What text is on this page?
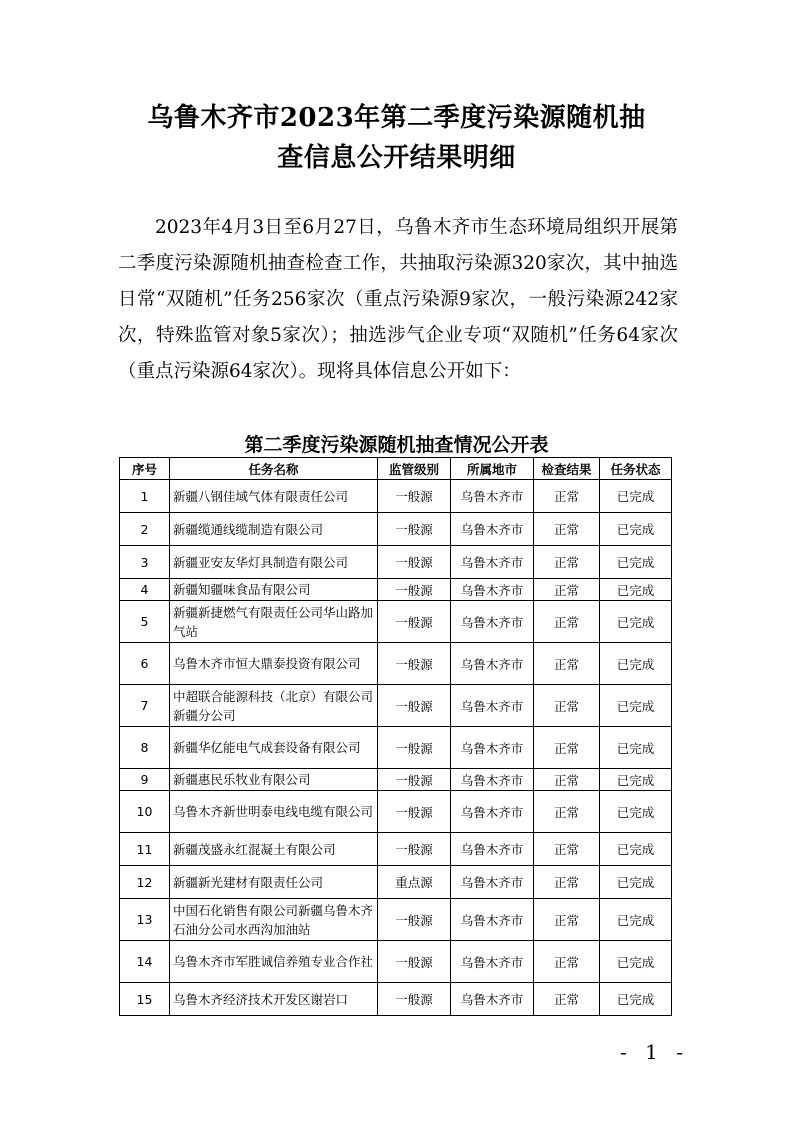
乌鲁木齐市2023年第二季度污染源随机抽
查信息公开结果明细

2023年4月3日至6月27日，乌鲁木齐市生态环境局组织开展第二季度污染源随机抽查检查工作，共抽取污染源320家次，其中抽选日常“双随机”任务256家次（重点污染源9家次，一般污染源242家次，特殊监管对象5家次）；抽选涉气企业专项“双随机”任务64家次（重点污染源64家次）。现将具体信息公开如下：

第二季度污染源随机抽查情况公开表
序号	任务名称	监管级别	所属地市	检查结果	任务状态
1	新疆八钢佳域气体有限责任公司	一般源	乌鲁木齐市	正常	已完成
2	新疆缆通线缆制造有限公司	一般源	乌鲁木齐市	正常	已完成
3	新疆亚安友华灯具制造有限公司	一般源	乌鲁木齐市	正常	已完成
4	新疆知疆味食品有限公司	一般源	乌鲁木齐市	正常	已完成
5	新疆新捷燃气有限责任公司华山路加气站	一般源	乌鲁木齐市	正常	已完成
6	乌鲁木齐市恒大鼎泰投资有限公司	一般源	乌鲁木齐市	正常	已完成
7	中超联合能源科技（北京）有限公司新疆分公司	一般源	乌鲁木齐市	正常	已完成
8	新疆华亿能电气成套设备有限公司	一般源	乌鲁木齐市	正常	已完成
9	新疆惠民乐牧业有限公司	一般源	乌鲁木齐市	正常	已完成
10	乌鲁木齐新世明泰电线电缆有限公司	一般源	乌鲁木齐市	正常	已完成
11	新疆茂盛永红混凝土有限公司	一般源	乌鲁木齐市	正常	已完成
12	新疆新光建材有限责任公司	重点源	乌鲁木齐市	正常	已完成
13	中国石化销售有限公司新疆乌鲁木齐石油分公司水西沟加油站	一般源	乌鲁木齐市	正常	已完成
14	乌鲁木齐市军胜诚信养殖专业合作社	一般源	乌鲁木齐市	正常	已完成
15	乌鲁木齐经济技术开发区谢岩口	一般源	乌鲁木齐市	正常	已完成
- 1 -
